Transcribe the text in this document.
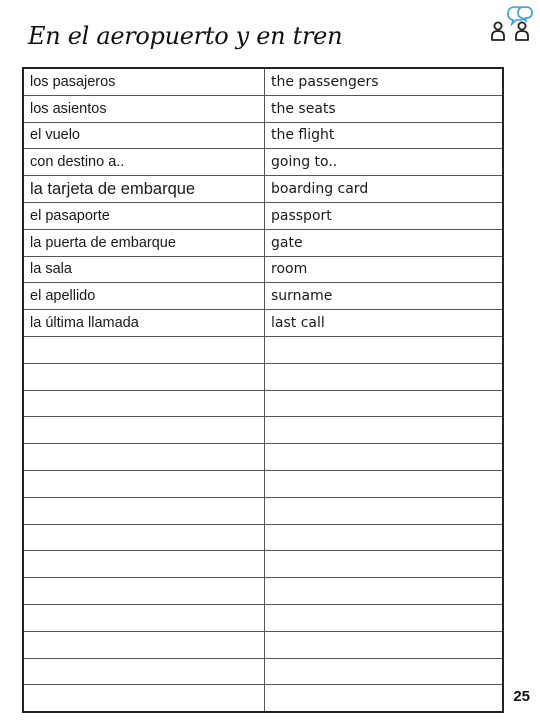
En el aeropuerto y en tren
los pasajeros	the passengers
los asientos	the seats
el vuelo	the flight
con destino a..	going to..
la tarjeta de embarque	boarding card
el pasaporte	passport
la puerta de embarque	gate
la sala	room
el apellido	surname
la última llamada	last call

25
